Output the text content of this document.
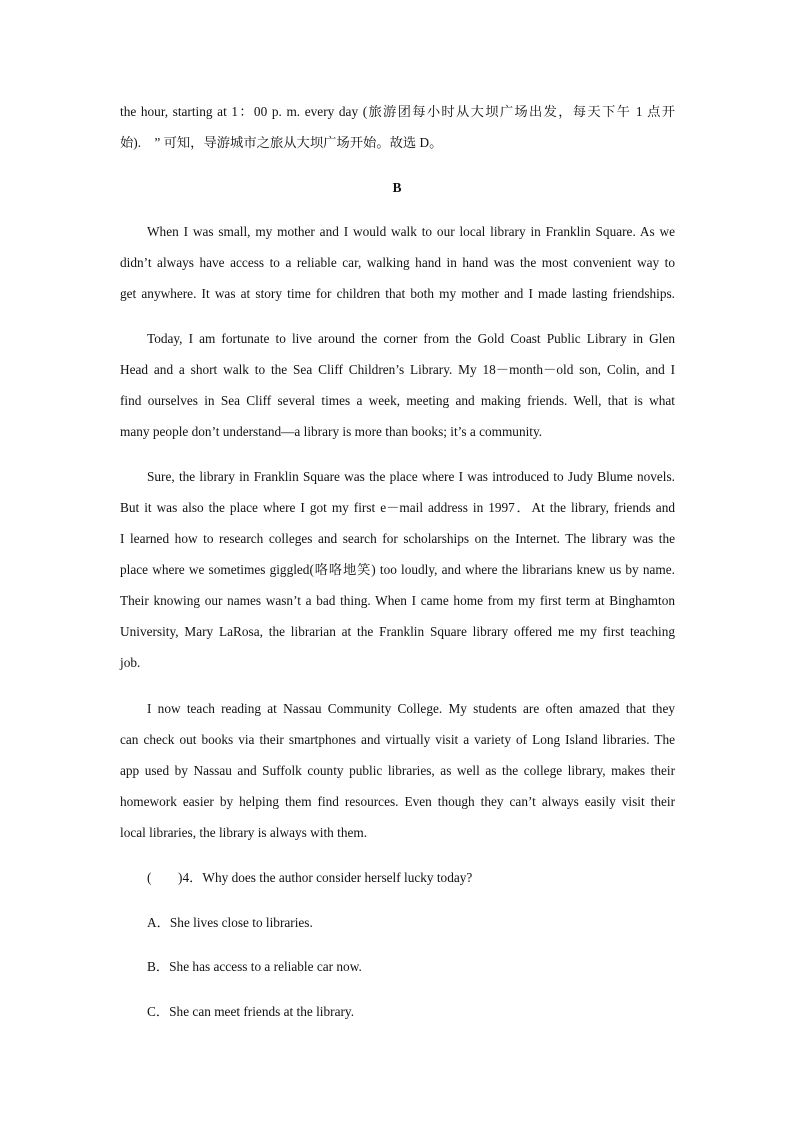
the hour, starting at 1：00 p. m. every day (旅游团每小时从大坝广场出发，每天下午 1 点开
始).　” 可知，导游城市之旅从大坝广场开始。故选 D。
B
When I was small, my mother and I would walk to our local library in Franklin Square. As we
didn’t always have access to a reliable car, walking hand in hand was the most convenient way to
get anywhere. It was at story time for children that both my mother and I made lasting friendships.
Today, I am fortunate to live around the corner from the Gold Coast Public Library in Glen
Head and a short walk to the Sea Cliff Children’s Library. My 18－month－old son, Colin, and I
find ourselves in Sea Cliff several times a week, meeting and making friends. Well, that is what
many people don’t understand—a library is more than books; it’s a community.
Sure, the library in Franklin Square was the place where I was introduced to Judy Blume novels.
But it was also the place where I got my first e－mail address in 1997．At the library, friends and
I learned how to research colleges and search for scholarships on the Internet. The library was the
place where we sometimes giggled(咯咯地笑) too loudly, and where the librarians knew us by name.
Their knowing our names wasn’t a bad thing. When I came home from my first term at Binghamton
University, Mary LaRosa, the librarian at the Franklin Square library offered me my first teaching
job.
I now teach reading at Nassau Community College. My students are often amazed that they
can check out books via their smartphones and virtually visit a variety of Long Island libraries. The
app used by Nassau and Suffolk county public libraries, as well as the college library, makes their
homework easier by helping them find resources. Even though they can’t always easily visit their
local libraries, the library is always with them.
(　　)4．Why does the author consider herself lucky today?
A．She lives close to libraries.
B．She has access to a reliable car now.
C．She can meet friends at the library.
